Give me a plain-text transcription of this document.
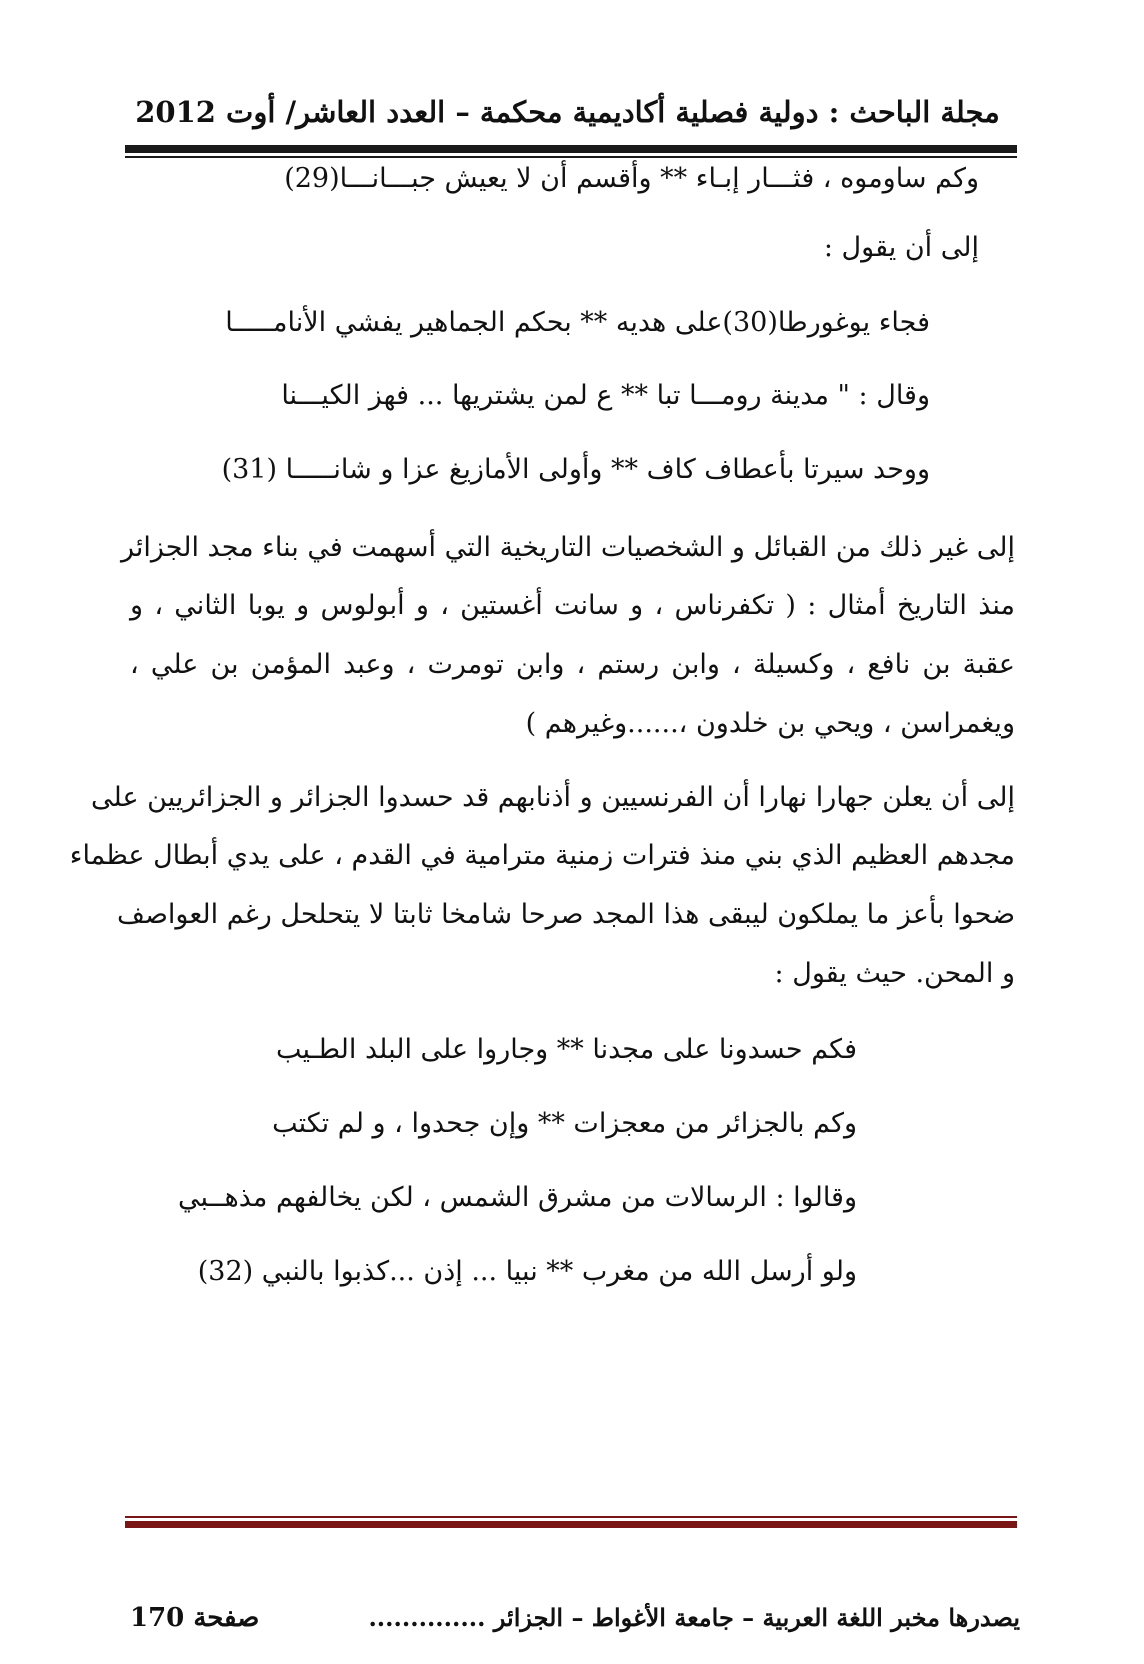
مجلة الباحث : دولية فصلية أكاديمية محكمة – العدد العاشر/ أوت 2012
وكم ساوموه ، فثـــار إبـاء ** وأقسم أن لا يعيش جبـــانـــا(29)
إلى أن يقول :
فجاء يوغورطا(30)على هديه ** بحكم الجماهير يفشي الأنامـــــا
وقال : " مدينة رومـــا تبا ** ع لمن يشتريها ... فهز الكيـــنا
ووحد سيرتا بأعطاف كاف ** وأولى الأمازيغ عزا و شانـــــا (31)
إلى غير ذلك من القبائل و الشخصيات التاريخية التي أسهمت في بناء مجد الجزائر
منذ التاريخ أمثال : ( تكفرناس ، و سانت أغستين ، و أبولوس و يوبا الثاني ، و
عقبة بن نافع ، وكسيلة ، وابن رستم ، وابن تومرت ، وعبد المؤمن بن علي ،
ويغمراسن ، ويحي بن خلدون ،......وغيرهم )
إلى أن يعلن جهارا نهارا أن الفرنسيين و أذنابهم قد حسدوا الجزائر و الجزائريين على
مجدهم العظيم الذي بني منذ فترات زمنية مترامية في القدم ، على يدي أبطال عظماء
ضحوا بأعز ما يملكون ليبقى هذا المجد صرحا شامخا ثابتا لا يتحلحل رغم العواصف
و المحن. حيث يقول :
فكم حسدونا على مجدنا ** وجاروا على البلد الطـيب
وكم بالجزائر من معجزات ** وإن جحدوا ، و لم تكتب
وقالوا : الرسالات من مشرق الشمس ، لكن يخالفهم مذهــبي
ولو أرسل الله من مغرب ** نبيا ... إذن ...كذبوا بالنبي (32)
يصدرها مخبر اللغة العربية – جامعة الأغواط – الجزائر ..............
صفحة 170
